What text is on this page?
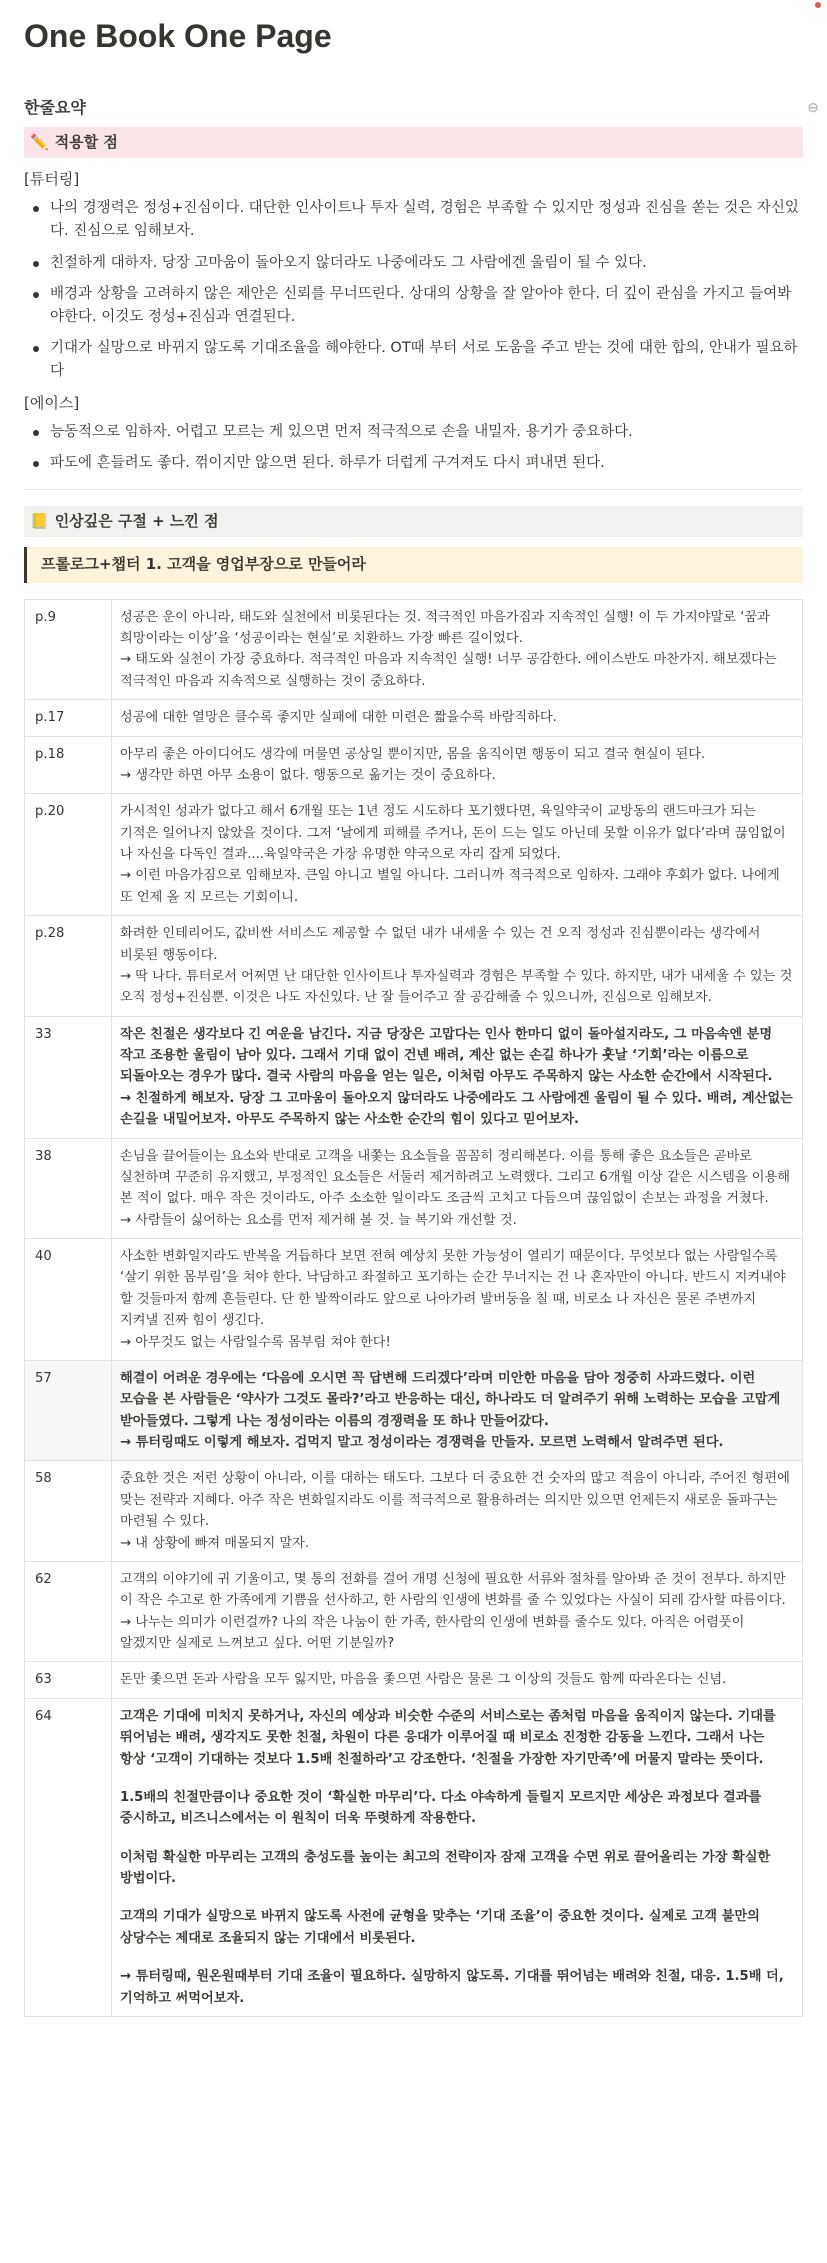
One Book One Page
한줄요약	⊖
✏️ 적용할 점
[튜터링]
나의 경쟁력은 정성+진심이다. 대단한 인사이트나 투자 실력, 경험은 부족할 수 있지만 정성과 진심을 쏟는 것은 자신있다. 진심으로 임해보자.
친절하게 대하자. 당장 고마움이 돌아오지 않더라도 나중에라도 그 사람에겐 울림이 될 수 있다.
배경과 상황을 고려하지 않은 제안은 신뢰를 무너뜨린다. 상대의 상황을 잘 알아야 한다. 더 깊이 관심을 가지고 들여봐야한다. 이것도 정성+진심과 연결된다.
기대가 실망으로 바뀌지 않도록 기대조율을 해야한다. OT때 부터 서로 도움을 주고 받는 것에 대한 합의, 안내가 필요하다
[에이스]
능동적으로 임하자. 어렵고 모르는 게 있으면 먼저 적극적으로 손을 내밀자. 용기가 중요하다.
파도에 흔들려도 좋다. 꺾이지만 않으면 된다. 하루가 더럽게 구겨져도 다시 펴내면 된다.
📒 인상깊은 구절 + 느낀 점
프롤로그+챕터 1. 고객을 영업부장으로 만들어라
p.9	성공은 운이 아니라, 태도와 실천에서 비롯된다는 것. 적극적인 마음가짐과 지속적인 실행! 이 두 가지야말로 ‘꿈과 희망이라는 이상’을 ‘성공이라는 현실’로 치환하느 가장 빠른 길이었다.
→ 태도와 실천이 가장 중요하다. 적극적인 마음과 지속적인 실행! 너무 공감한다. 에이스반도 마찬가지. 해보겠다는 적극적인 마음과 지속적으로 실행하는 것이 중요하다.

p.17	성공에 대한 열망은 클수록 좋지만 실패에 대한 미련은 짧을수록 바람직하다.

p.18	아무리 좋은 아이디어도 생각에 머물면 공상일 뿐이지만, 몸을 움직이면 행동이 되고 결국 현실이 된다.
→ 생각만 하면 아무 소용이 없다. 행동으로 옮기는 것이 중요하다.

p.20	가시적인 성과가 없다고 해서 6개월 또는 1년 정도 시도하다 포기했다면, 육일약국이 교방동의 랜드마크가 되는 기적은 일어나지 않았을 것이다. 그저 ‘날에게 피해를 주거나, 돈이 드는 일도 아닌데 못할 이유가 없다’라며 끊임없이 나 자신을 다독인 결과....육일약국은 가장 유명한 약국으로 자리 잡게 되었다.
→ 이런 마음가짐으로 임해보자. 큰일 아니고 별일 아니다. 그러니까 적극적으로 임하자. 그래야 후회가 없다. 나에게 또 언제 올 지 모르는 기회이니.

p.28	화려한 인테리어도, 값비싼 서비스도 제공할 수 없던 내가 내세울 수 있는 건 오직 정성과 진심뿐이라는 생각에서 비롯된 행동이다.
→ 딱 나다. 튜터로서 어쩌면 난 대단한 인사이트나 투자실력과 경험은 부족할 수 있다. 하지만, 내가 내세울 수 있는 것 오직 정성+진심뿐. 이것은 나도 자신있다. 난 잘 들어주고 잘 공감해줄 수 있으니까, 진심으로 임해보자.

33	작은 친절은 생각보다 긴 여운을 남긴다. 지금 당장은 고맙다는 인사 한마디 없이 돌아설지라도, 그 마음속엔 분명 작고 조용한 울림이 남아 있다. 그래서 기대 없이 건넨 배려, 계산 없는 손길 하나가 훗날 ‘기회’라는 이름으로 되돌아오는 경우가 많다. 결국 사람의 마음을 얻는 일은, 이처럼 아무도 주목하지 않는 사소한 순간에서 시작된다.
→ 친절하게 해보자. 당장 그 고마움이 돌아오지 않더라도 나중에라도 그 사람에겐 울림이 될 수 있다. 배려, 계산없는 손길을 내밀어보자. 아무도 주목하지 않는 사소한 순간의 힘이 있다고 믿어보자.

38	손님을 끌어들이는 요소와 반대로 고객을 내쫓는 요소들을 꼼꼼히 정리해본다. 이를 통해 좋은 요소들은 곧바로 실천하며 꾸준히 유지했고, 부정적인 요소들은 서둘러 제거하려고 노력했다. 그리고 6개월 이상 같은 시스템을 이용해 본 적이 없다. 매우 작은 것이라도, 아주 소소한 일이라도 조금씩 고치고 다듬으며 끊임없이 손보는 과정을 거쳤다.
→ 사람들이 싫어하는 요소를 먼저 제거해 볼 것. 늘 복기와 개선할 것.

40	사소한 변화일지라도 반복을 거듭하다 보면 전혀 예상치 못한 가능성이 열리기 때문이다. 무엇보다 없는 사람일수록 ‘살기 위한 몸부림’을 쳐야 한다. 낙담하고 좌절하고 포기하는 순간 무너지는 건 나 혼자만이 아니다. 반드시 지켜내야 할 것들마저 함께 흔들린다. 단 한 발짝이라도 앞으로 나아가려 발버둥을 칠 때, 비로소 나 자신은 물론 주변까지 지켜낼 진짜 힘이 생긴다.
→ 아무것도 없는 사람일수록 몸부림 쳐야 한다!

57	해결이 어려운 경우에는 ‘다음에 오시면 꼭 답변해 드리겠다’라며 미안한 마음을 담아 정중히 사과드렸다. 이런 모습을 본 사람들은 ‘약사가 그것도 몰라?’라고 반응하는 대신, 하나라도 더 알려주기 위해 노력하는 모습을 고맙게 받아들였다. 그렇게 나는 정성이라는 이름의 경쟁력을 또 하나 만들어갔다.
→ 튜터링때도 이렇게 해보자. 겁먹지 말고 정성이라는 경쟁력을 만들자. 모르면 노력해서 알려주면 된다.

58	중요한 것은 저런 상황이 아니라, 이를 대하는 태도다. 그보다 더 중요한 건 숫자의 많고 적음이 아니라, 주어진 형편에 맞는 전략과 지혜다. 아주 작은 변화일지라도 이를 적극적으로 활용하려는 의지만 있으면 언제든지 새로운 돌파구는 마련될 수 있다.
→ 내 상황에 빠져 매몰되지 말자.

62	고객의 이야기에 귀 기울이고, 몇 통의 전화를 걸어 개명 신청에 필요한 서류와 절차를 알아봐 준 것이 전부다. 하지만 이 작은 수고로 한 가족에게 기쁨을 선사하고, 한 사람의 인생에 변화를 줄 수 있었다는 사실이 되레 감사할 따름이다.
→ 나누는 의미가 이런걸까? 나의 작은 나눔이 한 가족, 한사람의 인생에 변화를 줄수도 있다. 아직은 어렴풋이 알겠지만 실제로 느껴보고 싶다. 어떤 기분일까?

63	돈만 좇으면 돈과 사람을 모두 잃지만, 마음을 좇으면 사람은 물론 그 이상의 것들도 함께 따라온다는 신념.

64	고객은 기대에 미치지 못하거나, 자신의 예상과 비슷한 수준의 서비스로는 좀처럼 마음을 움직이지 않는다. 기대를 뛰어넘는 배려, 생각지도 못한 친절, 차원이 다른 응대가 이루어질 때 비로소 진정한 감동을 느낀다. 그래서 나는 항상 ‘고객이 기대하는 것보다 1.5배 친절하라’고 강조한다. ‘친절을 가장한 자기만족’에 머물지 말라는 뜻이다.

1.5배의 친절만큼이나 중요한 것이 ‘확실한 마무리’다. 다소 야속하게 들릴지 모르지만 세상은 과정보다 결과를 중시하고, 비즈니스에서는 이 원칙이 더욱 뚜렷하게 작용한다.

이처럼 확실한 마무리는 고객의 충성도를 높이는 최고의 전략이자 잠재 고객을 수면 위로 끌어올리는 가장 확실한 방법이다.

고객의 기대가 실망으로 바뀌지 않도록 사전에 균형을 맞추는 ‘기대 조율’이 중요한 것이다. 실제로 고객 불만의 상당수는 제대로 조율되지 않는 기대에서 비롯된다.

→ 튜터링때, 원온원때부터 기대 조율이 필요하다. 실망하지 않도록. 기대를 뛰어넘는 배려와 친절, 대응. 1.5배 더, 기억하고 써먹어보자.
